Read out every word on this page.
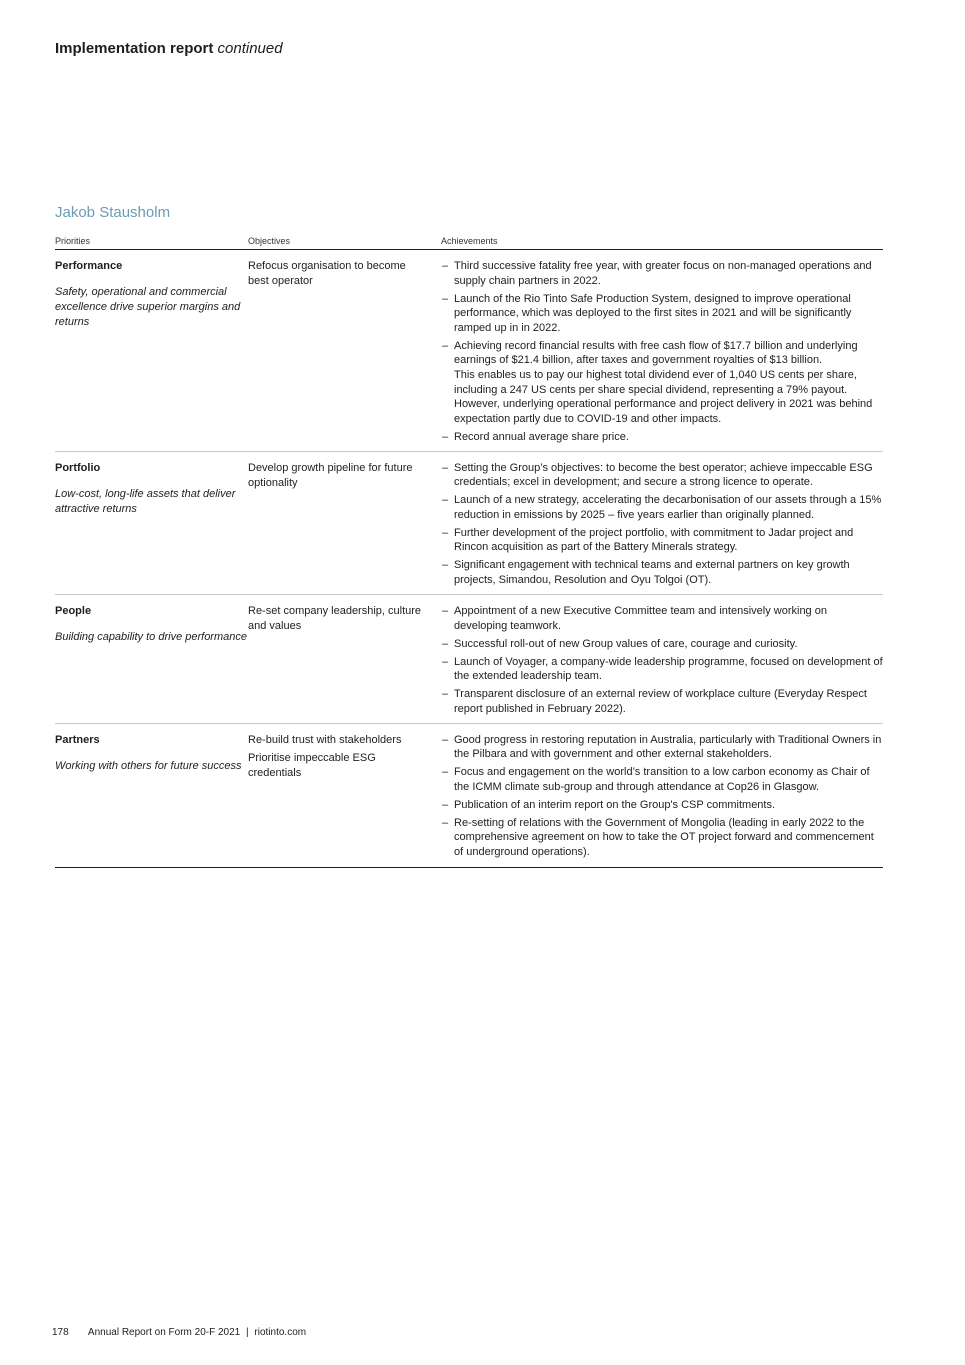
Implementation report continued
Jakob Stausholm
Priorities	Objectives	Achievements
Performance
Safety, operational and commercial excellence drive superior margins and returns
Refocus organisation to become best operator
– Third successive fatality free year, with greater focus on non-managed operations and supply chain partners in 2022.
– Launch of the Rio Tinto Safe Production System, designed to improve operational performance, which was deployed to the first sites in 2021 and will be significantly ramped up in in 2022.
– Achieving record financial results with free cash flow of $17.7 billion and underlying earnings of $21.4 billion, after taxes and government royalties of $13 billion.
This enables us to pay our highest total dividend ever of 1,040 US cents per share, including a 247 US cents per share special dividend, representing a 79% payout.
However, underlying operational performance and project delivery in 2021 was behind expectation partly due to COVID-19 and other impacts.
– Record annual average share price.
Portfolio
Low-cost, long-life assets that deliver attractive returns
Develop growth pipeline for future optionality
– Setting the Group’s objectives: to become the best operator; achieve impeccable ESG credentials; excel in development; and secure a strong licence to operate.
– Launch of a new strategy, accelerating the decarbonisation of our assets through a 15% reduction in emissions by 2025 – five years earlier than originally planned.
– Further development of the project portfolio, with commitment to Jadar project and Rincon acquisition as part of the Battery Minerals strategy.
– Significant engagement with technical teams and external partners on key growth projects, Simandou, Resolution and Oyu Tolgoi (OT).
People
Building capability to drive performance
Re-set company leadership, culture and values
– Appointment of a new Executive Committee team and intensively working on developing teamwork.
– Successful roll-out of new Group values of care, courage and curiosity.
– Launch of Voyager, a company-wide leadership programme, focused on development of the extended leadership team.
– Transparent disclosure of an external review of workplace culture (Everyday Respect report published in February 2022).
Partners
Working with others for future success
Re-build trust with stakeholders
Prioritise impeccable ESG credentials
– Good progress in restoring reputation in Australia, particularly with Traditional Owners in the Pilbara and with government and other external stakeholders.
– Focus and engagement on the world’s transition to a low carbon economy as Chair of the ICMM climate sub-group and through attendance at Cop26 in Glasgow.
– Publication of an interim report on the Group's CSP commitments.
– Re-setting of relations with the Government of Mongolia (leading in early 2022 to the comprehensive agreement on how to take the OT project forward and commencement of underground operations).
178 Annual Report on Form 20-F 2021 | riotinto.com
